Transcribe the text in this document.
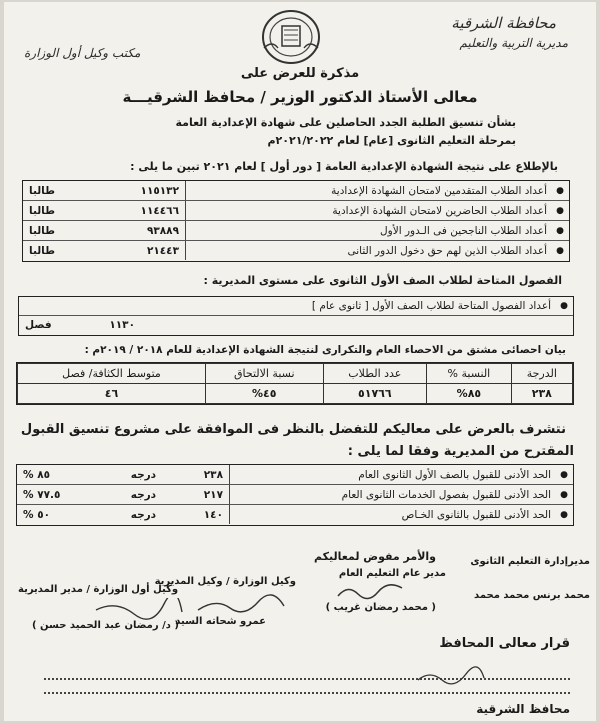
محافظة الشرقية
مديرية التربية والتعليم
مكتب وكيل أول الوزارة
مذكرة للعرض على
معالى الأستاذ الدكتور الوزير / محافظ الشرقيـــة
بشأن تنسيق الطلبة الجدد الحاصلين على شهادة الإعدادية العامة
بمرحلة التعليم الثانوى [عام] لعام ٢٠٢١/٢٠٢٢م
بالإطلاع على نتيجة الشهادة الإعدادية العامة [ دور أول ] لعام ٢٠٢١ تبين ما يلى :
●
أعداد الطلاب المتقدمين لامتحان الشهادة الإعدادية
١١٥١٣٢
طالبا
●
أعداد الطلاب الحاضرين لامتحان الشهادة الإعدادية
١١٤٤٦٦
طالبا
●
أعداد الطلاب الناجحين فى الـدور الأول
٩٣٨٨٩
طالبا
●
أعداد الطلاب الذين لهم حق دخول الدور الثانى
٢١٤٤٣
طالبا
الفصول المتاحة لطلاب الصف الأول الثانوى على مستوى المديرية :
●
أعداد الفصول المتاحة لطلاب الصف الأول [ ثانوى عام ]
١١٣٠
فصل
بيان احصائى مشتق من الاحصاء العام والتكرارى لنتيجة الشهادة الإعدادية للعام ٢٠١٨ / ٢٠١٩م :
الدرجة	النسبة %	عدد الطلاب	نسبة الالتحاق	متوسط الكثافة/ فصل
٢٣٨	٨٥%	٥١٧٦٦	٤٥%	٤٦
نتشرف بالعرض على معاليكم للتفضل بالنظر فى الموافقة على مشروع تنسيق القبول
المقترح من المديرية وفقا لما يلى :
●
الحد الأدنى للقبول بالصف الأول الثانوى العام
٢٣٨
درجه
٨٥ %
●
الحد الأدنى للقبول بفصول الخدمات الثانوى العام
٢١٧
درجه
٧٧.٥ %
●
الحد الأدنى للقبول بالثانوى الخـاص
١٤٠
درجه
٥٠ %
والأمر مفوض لمعاليكم	مديرإدارة التعليم الثانوى
محمد برنس محمد محمد
مدير عام التعليم العام
( محمد رمضان غريب )
وكيل الوزارة / وكيل المديرية
عمرو شحاته السيد
وكيل أول الوزارة / مدير المديرية
( د/ رمضان عبد الحميد حسن )
قرار معالى المحافظ
محافظ الشرقية
